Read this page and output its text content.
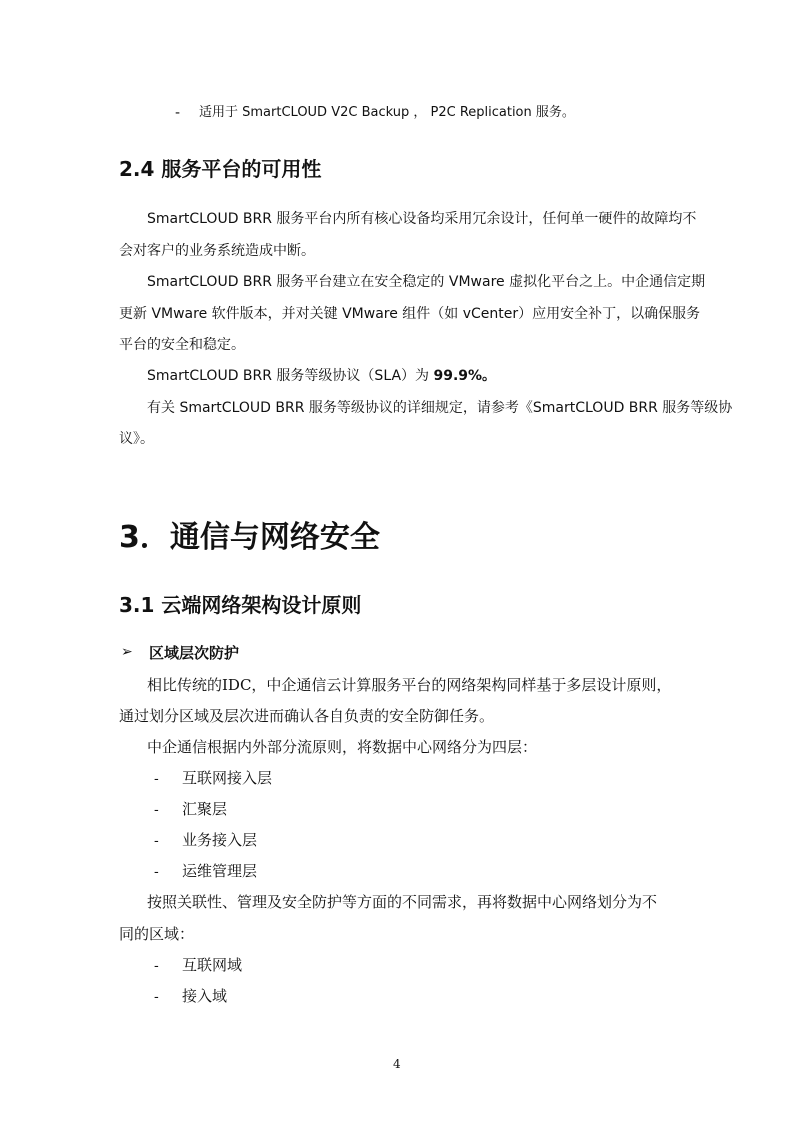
- 适用于 SmartCLOUD V2C Backup ， P2C Replication 服务。
2.4 服务平台的可用性
SmartCLOUD BRR 服务平台内所有核心设备均采用冗余设计，任何单一硬件的故障均不
会对客户的业务系统造成中断。
SmartCLOUD BRR 服务平台建立在安全稳定的 VMware 虚拟化平台之上。中企通信定期
更新 VMware 软件版本，并对关键 VMware 组件（如 vCenter）应用安全补丁，以确保服务
平台的安全和稳定。
SmartCLOUD BRR 服务等级协议（SLA）为 99.9%。
有关 SmartCLOUD BRR 服务等级协议的详细规定，请参考《SmartCLOUD BRR 服务等级协
议》。
3．通信与网络安全
3.1 云端网络架构设计原则
➢ 区域层次防护
相比传统的IDC，中企通信云计算服务平台的网络架构同样基于多层设计原则，
通过划分区域及层次进而确认各自负责的安全防御任务。
中企通信根据内外部分流原则，将数据中心网络分为四层：
- 互联网接入层
- 汇聚层
- 业务接入层
- 运维管理层
按照关联性、管理及安全防护等方面的不同需求，再将数据中心网络划分为不
同的区域：
- 互联网域
- 接入域
4
